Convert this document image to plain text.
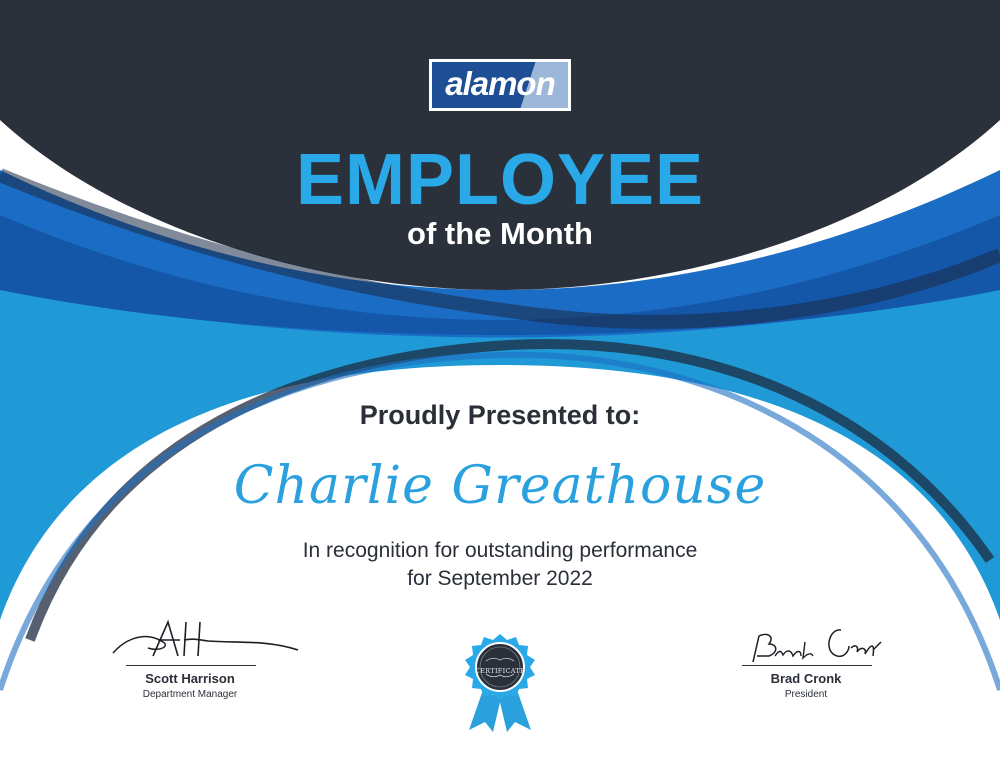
alamon
EMPLOYEE
of the Month
Proudly Presented to:
Charlie Greathouse
In recognition for outstanding performance
for September 2022
Scott Harrison
Department Manager
CERTIFICATE	Brad Cronk
President
